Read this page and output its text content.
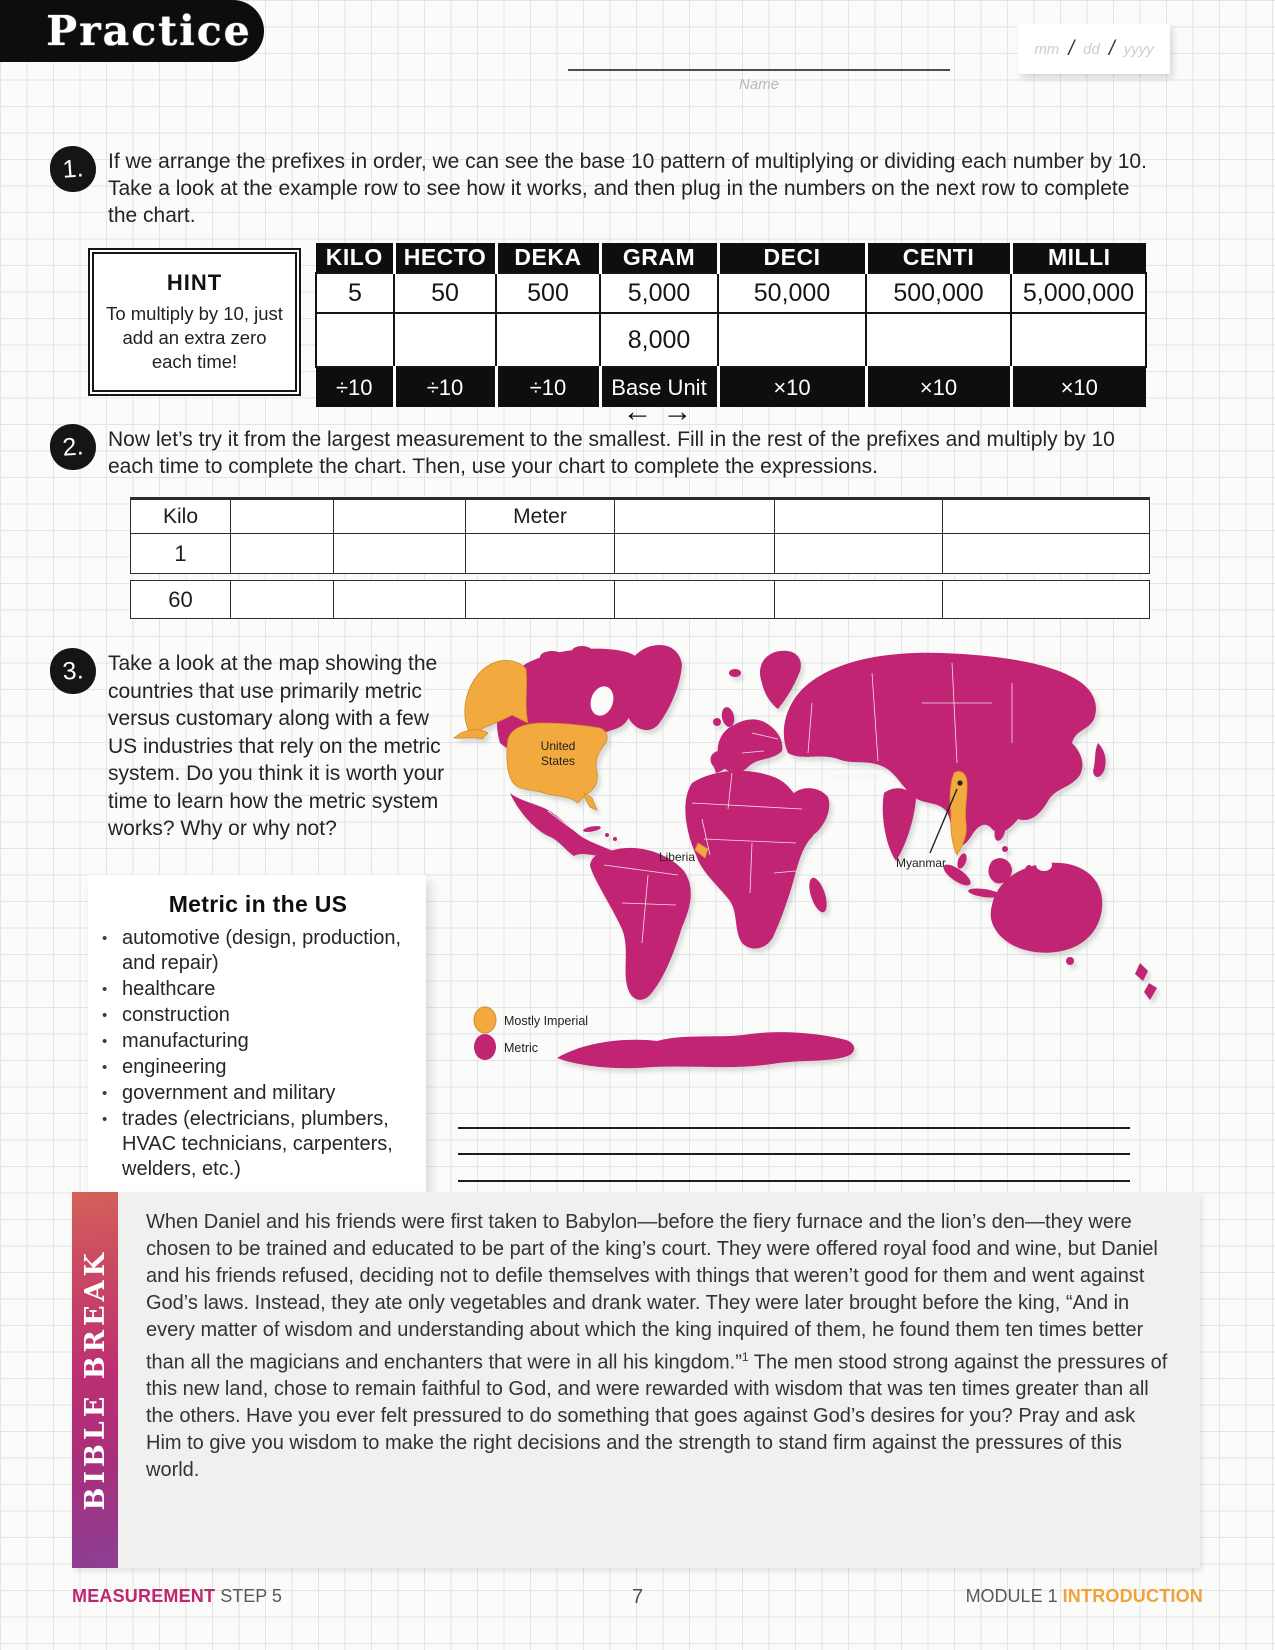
Practice
Name
mm / dd / yyyy
1.	If we arrange the prefixes in order, we can see the base 10 pattern of multiplying or dividing each number by 10. Take a look at the example row to see how it works, and then plug in the numbers on the next row to complete the chart.
HINT
To multiply by 10, just add an extra zero each time!
KILO	HECTO	DEKA	GRAM	DECI	CENTI	MILLI
5	50	500	5,000	50,000	500,000	5,000,000
			8,000			
÷10	÷10	÷10	Base Unit	×10	×10	×10
← →
2.	Now let’s try it from the largest measurement to the smallest. Fill in the rest of the prefixes and multiply by 10 each time to complete the chart. Then, use your chart to complete the expressions.
Kilo			Meter			
1						
60						
3.	Take a look at the map showing the countries that use primarily metric versus customary along with a few US industries that rely on the metric system. Do you think it is worth your time to learn how the metric system works? Why or why not?
United
States
Liberia	Myanmar
Mostly Imperial
Metric
Metric in the US
• automotive (design, production, and repair)
• healthcare
• construction
• manufacturing
• engineering
• government and military
• trades (electricians, plumbers, HVAC technicians, carpenters, welders, etc.)
BIBLE BREAK
When Daniel and his friends were first taken to Babylon—before the fiery furnace and the lion’s den—they were chosen to be trained and educated to be part of the king’s court. They were offered royal food and wine, but Daniel and his friends refused, deciding not to defile themselves with things that weren’t good for them and went against God’s laws. Instead, they ate only vegetables and drank water. They were later brought before the king, “And in every matter of wisdom and understanding about which the king inquired of them, he found them ten times better than all the magicians and enchanters that were in all his kingdom.”$^1$ The men stood strong against the pressures of this new land, chose to remain faithful to God, and were rewarded with wisdom that was ten times greater than all the others. Have you ever felt pressured to do something that goes against God’s desires for you? Pray and ask Him to give you wisdom to make the right decisions and the strength to stand firm against the pressures of this world.
MEASUREMENT STEP 5	7	MODULE 1 INTRODUCTION
